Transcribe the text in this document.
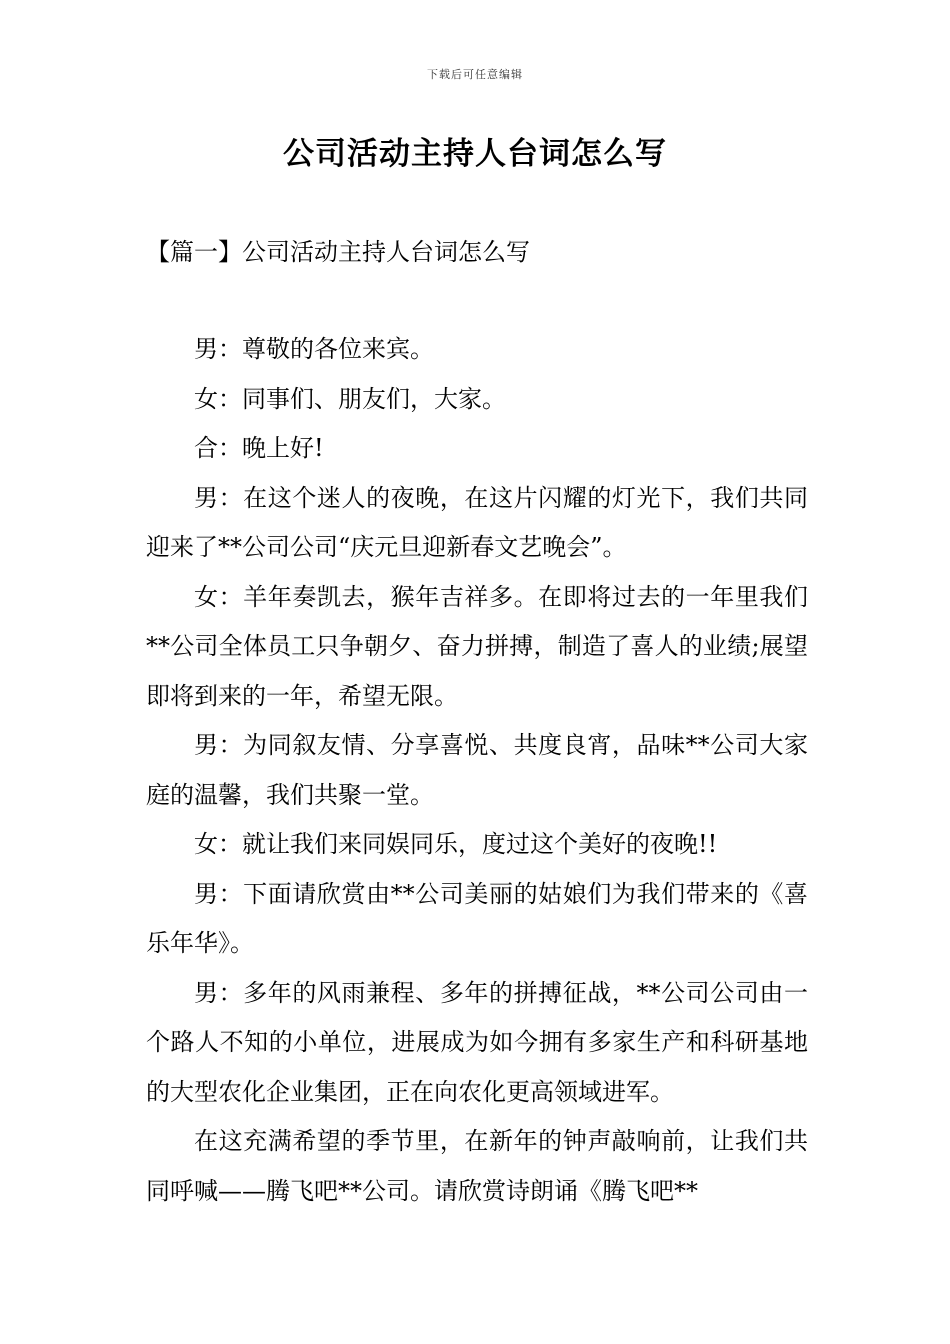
下载后可任意编辑
公司活动主持人台词怎么写
【篇一】公司活动主持人台词怎么写

男：尊敬的各位来宾。

女：同事们、朋友们，大家。

合：晚上好!

男：在这个迷人的夜晚，在这片闪耀的灯光下，我们共同迎来了**公司公司“庆元旦迎新春文艺晚会”。

女：羊年奏凯去，猴年吉祥多。在即将过去的一年里我们**公司全体员工只争朝夕、奋力拼搏，制造了喜人的业绩;展望即将到来的一年，希望无限。

男：为同叙友情、分享喜悦、共度良宵，品味**公司大家庭的温馨，我们共聚一堂。

女：就让我们来同娱同乐，度过这个美好的夜晚!!

男：下面请欣赏由**公司美丽的姑娘们为我们带来的《喜乐年华》。

男：多年的风雨兼程、多年的拼搏征战，**公司公司由一个路人不知的小单位，进展成为如今拥有多家生产和科研基地的大型农化企业集团，正在向农化更高领域进军。

在这充满希望的季节里，在新年的钟声敲响前，让我们共同呼喊——腾飞吧**公司。请欣赏诗朗诵《腾飞吧**
